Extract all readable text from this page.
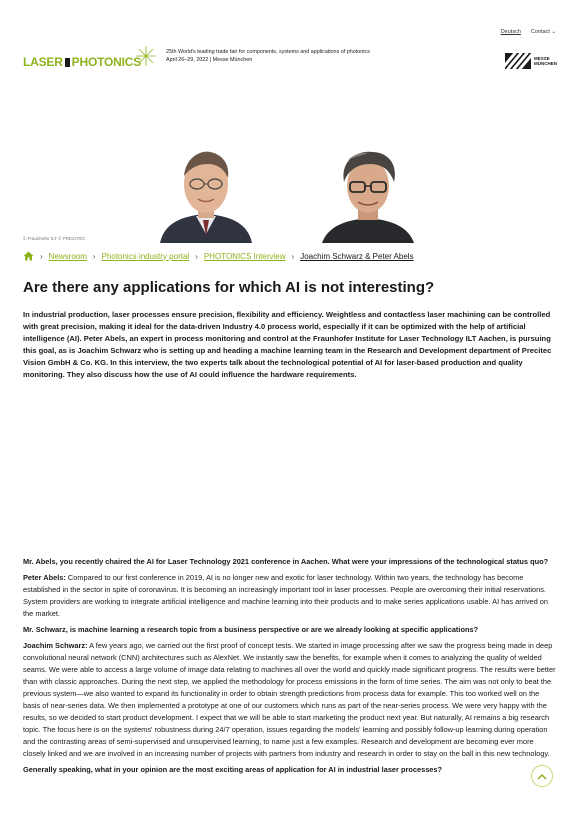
Deutsch Contact ⌄
LASER PHOTONICS
25th World's leading trade fair for components, systems and applications of photonics
April 26–29, 2022 | Messe München	MESSE
MÜNCHEN
© Fraunhofer ILT © PRECITEC
› Newsroom › Photonics industry portal › PHOTONICS Interview › Joachim Schwarz & Peter Abels
Are there any applications for which AI is not interesting?

In industrial production, laser processes ensure precision, flexibility and efficiency. Weightless and contactless laser machining can be controlled with great precision, making it ideal for the data-driven Industry 4.0 process world, especially if it can be optimized with the help of artificial intelligence (AI). Peter Abels, an expert in process monitoring and control at the Fraunhofer Institute for Laser Technology ILT Aachen, is pursuing this goal, as is Joachim Schwarz who is setting up and heading a machine learning team in the Research and Development department of Precitec Vision GmbH & Co. KG. In this interview, the two experts talk about the technological potential of AI for laser-based production and quality monitoring. They also discuss how the use of AI could influence the hardware requirements.

Mr. Abels, you recently chaired the AI for Laser Technology 2021 conference in Aachen. What were your impressions of the technological status quo?

Peter Abels: Compared to our first conference in 2019, AI is no longer new and exotic for laser technology. Within two years, the technology has become established in the sector in spite of coronavirus. It is becoming an increasingly important tool in laser processes. People are overcoming their initial reservations. System providers are working to integrate artificial intelligence and machine learning into their products and to make series applications usable. AI has arrived on the market.

Mr. Schwarz, is machine learning a research topic from a business perspective or are we already looking at specific applications?

Joachim Schwarz: A few years ago, we carried out the first proof of concept tests. We started in image processing after we saw the progress being made in deep convolutional neural network (CNN) architectures such as AlexNet. We instantly saw the benefits, for example when it comes to analyzing the quality of welded seams. We were able to access a large volume of image data relating to machines all over the world and quickly made significant progress. The results were better than with classic approaches. During the next step, we applied the methodology for process emissions in the form of time series. The aim was not only to beat the previous system—we also wanted to expand its functionality in order to obtain strength predictions from process data for example. This too worked well on the basis of near-series data. We then implemented a prototype at one of our customers which runs as part of the near-series process. We were very happy with the results, so we decided to start product development. I expect that we will be able to start marketing the product next year. But naturally, AI remains a big research topic. The focus here is on the systems' robustness during 24/7 operation, issues regarding the models' learning and possibly follow-up learning during operation and the contrasting areas of semi-supervised and unsupervised learning, to name just a few examples. Research and development are becoming ever more closely linked and we are involved in an increasing number of projects with partners from industry and research in order to stay on the ball in this new technology.

Generally speaking, what in your opinion are the most exciting areas of application for AI in industrial laser processes?
